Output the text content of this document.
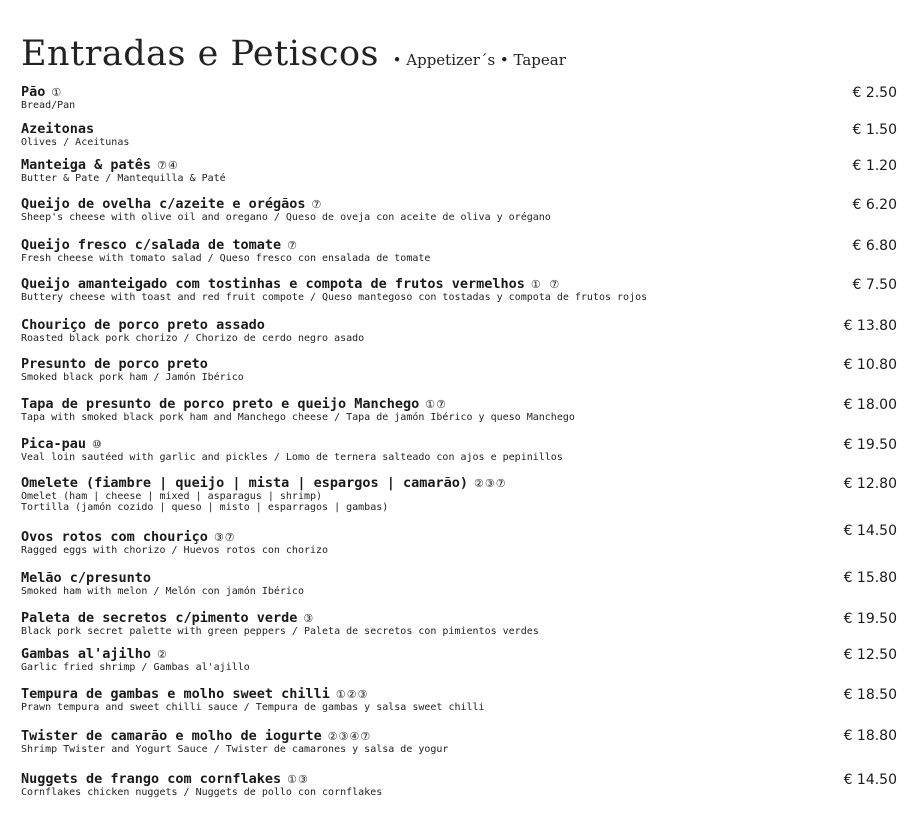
Entradas e Petiscos • Appetizer´s • Tapear
Pão ①
Bread/Pan
€ 2.50
Azeitonas
Olives / Aceitunas
€ 1.50
Manteiga & patês ⑦④
Butter & Pate / Mantequilla & Paté
€ 1.20
Queijo de ovelha c/azeite e orégãos ⑦
Sheep's cheese with olive oil and oregano / Queso de oveja con aceite de oliva y orégano
€ 6.20
Queijo fresco c/salada de tomate ⑦
Fresh cheese with tomato salad / Queso fresco con ensalada de tomate
€ 6.80
Queijo amanteigado com tostinhas e compota de frutos vermelhos ① ⑦
Buttery cheese with toast and red fruit compote / Queso mantegoso con tostadas y compota de frutos rojos
€ 7.50
Chouriço de porco preto assado
Roasted black pork chorizo / Chorizo de cerdo negro asado
€ 13.80
Presunto de porco preto
Smoked black pork ham / Jamón Ibérico
€ 10.80
Tapa de presunto de porco preto e queijo Manchego ①⑦
Tapa with smoked black pork ham and Manchego cheese / Tapa de jamón Ibérico y queso Manchego
€ 18.00
Pica-pau ⑩
Veal loin sautéed with garlic and pickles / Lomo de ternera salteado con ajos e pepinillos
€ 19.50
Omelete (fiambre | queijo | mista | espargos | camarão) ②③⑦
Omelet (ham | cheese | mixed | asparagus | shrimp)
Tortilla (jamón cozido | queso | misto | esparragos | gambas)
€ 12.80
Ovos rotos com chouriço ③⑦
Ragged eggs with chorizo / Huevos rotos con chorizo
€ 14.50
Melão c/presunto
Smoked ham with melon / Melón con jamón Ibérico
€ 15.80
Paleta de secretos c/pimento verde ③
Black pork secret palette with green peppers / Paleta de secretos con pimientos verdes
€ 19.50
Gambas al'ajilho ②
Garlic fried shrimp / Gambas al'ajillo
€ 12.50
Tempura de gambas e molho sweet chilli ①②③
Prawn tempura and sweet chilli sauce / Tempura de gambas y salsa sweet chilli
€ 18.50
Twister de camarão e molho de iogurte ②③④⑦
Shrimp Twister and Yogurt Sauce / Twister de camarones y salsa de yogur
€ 18.80
Nuggets de frango com cornflakes ①③
Cornflakes chicken nuggets / Nuggets de pollo con cornflakes
€ 14.50
